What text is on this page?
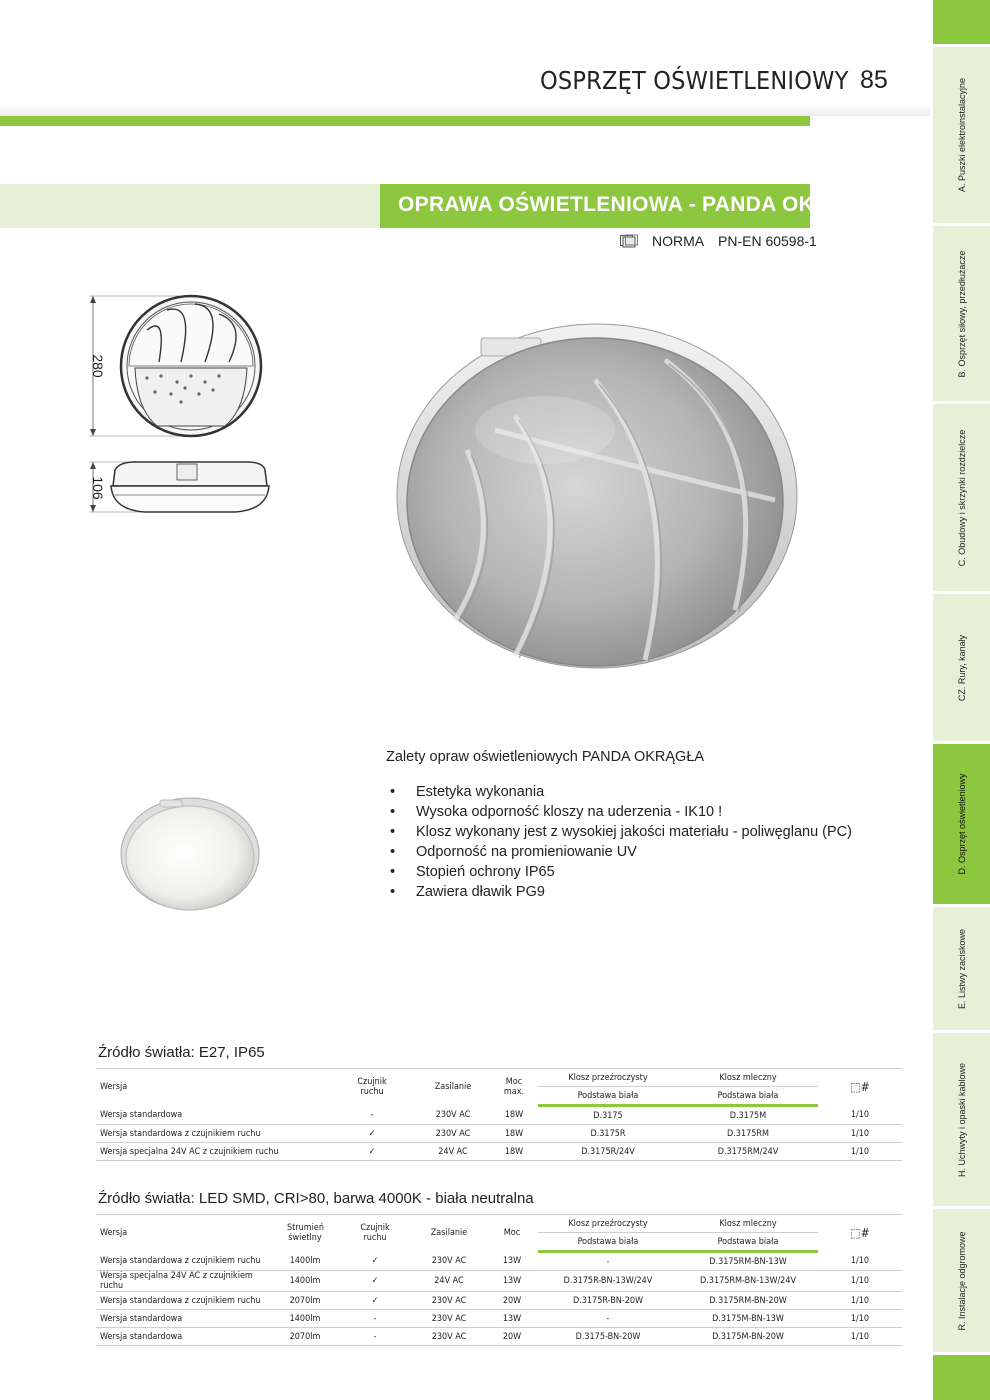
OSPRZĘT OŚWIETLENIOWY 85
OPRAWA OŚWIETLENIOWA - PANDA OKRĄGŁA
NORMA PN-EN 60598-1
280
106
Zalety opraw oświetleniowych PANDA OKRĄGŁA
• Estetyka wykonania
• Wysoka odporność kloszy na uderzenia - IK10 !
• Klosz wykonany jest z wysokiej jakości materiału - poliwęglanu (PC)
• Odporność na promieniowanie UV
• Stopień ochrony IP65
• Zawiera dławik PG9
Źródło światła: E27, IP65
Wersja	Czujnik ruchu	Zasilanie	Moc max.	Klosz przeźroczysty	Klosz mleczny	⬚#
				Podstawa biała	Podstawa biała	
Wersja standardowa	-	230V AC	18W	D.3175	D.3175M	1/10
Wersja standardowa z czujnikiem ruchu	✓	230V AC	18W	D.3175R	D.3175RM	1/10
Wersja specjalna 24V AC z czujnikiem ruchu	✓	24V AC	18W	D.3175R/24V	D.3175RM/24V	1/10
Źródło światła: LED SMD, CRI>80, barwa 4000K - biała neutralna
Wersja	Strumień świetlny	Czujnik ruchu	Zasilanie	Moc	Klosz przeźroczysty	Klosz mleczny	⬚#
					Podstawa biała	Podstawa biała	
Wersja standardowa z czujnikiem ruchu	1400lm	✓	230V AC	13W	-	D.3175RM-BN-13W	1/10
Wersja specjalna 24V AC z czujnikiem ruchu	1400lm	✓	24V AC	13W	D.3175R-BN-13W/24V	D.3175RM-BN-13W/24V	1/10
Wersja standardowa z czujnikiem ruchu	2070lm	✓	230V AC	20W	D.3175R-BN-20W	D.3175RM-BN-20W	1/10
Wersja standardowa	1400lm	-	230V AC	13W	-	D.3175M-BN-13W	1/10
Wersja standardowa	2070lm	-	230V AC	20W	D.3175-BN-20W	D.3175M-BN-20W	1/10
A. Puszki elektroinstalacyjne
B. Osprzęt siłowy, przedłużacze
C. Obudowy i skrzynki rozdzielcze
CZ. Rury, kanały
D. Osprzęt oświetleniowy
E. Listwy zaciskowe
H. Uchwyty i opaski kablowe
R. Instalacje odgromowe
